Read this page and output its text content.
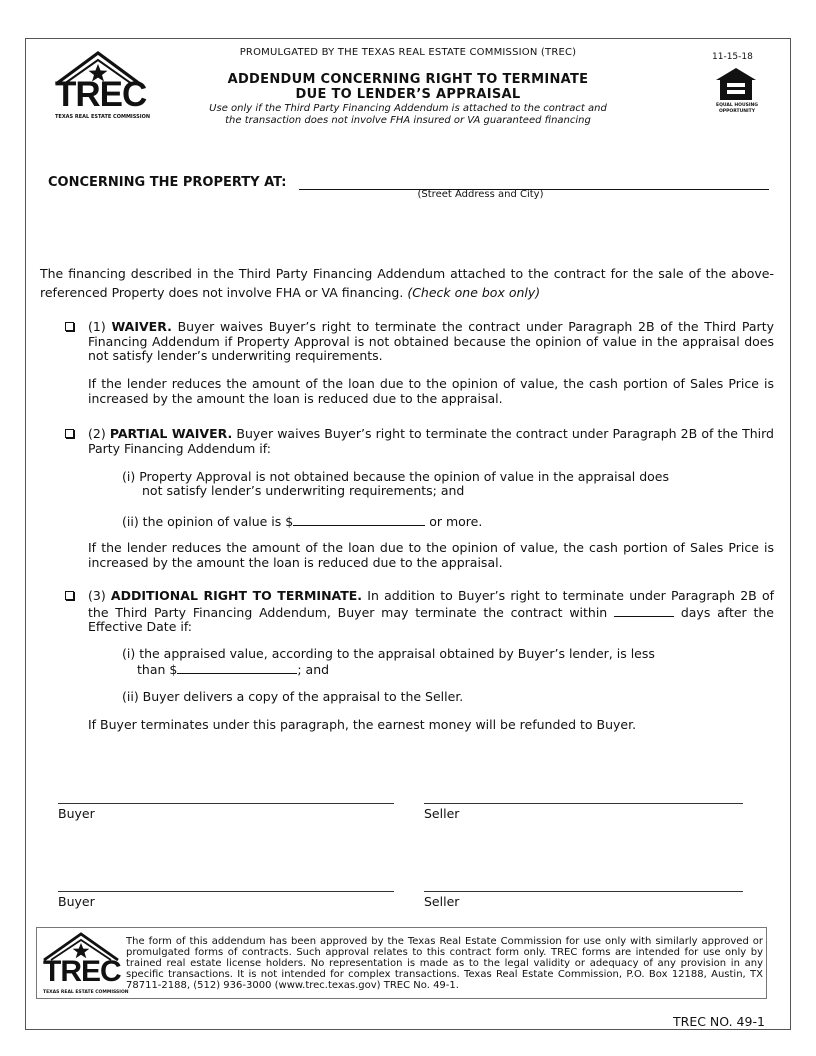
TREC
TEXAS REAL ESTATE COMMISSION
PROMULGATED BY THE TEXAS REAL ESTATE COMMISSION (TREC)	11-15-18
ADDENDUM CONCERNING RIGHT TO TERMINATE
DUE TO LENDER’S APPRAISAL
Use only if the Third Party Financing Addendum is attached to the contract and
the transaction does not involve FHA insured or VA guaranteed financing
EQUAL HOUSING
OPPORTUNITY
CONCERNING THE PROPERTY AT:
(Street Address and City)
The financing described in the Third Party Financing Addendum attached to the contract for the sale of the above-referenced Property does not involve FHA or VA financing. (Check one box only)
(1) WAIVER. Buyer waives Buyer’s right to terminate the contract under Paragraph 2B of the Third Party Financing Addendum if Property Approval is not obtained because the opinion of value in the appraisal does not satisfy lender’s underwriting requirements.
If the lender reduces the amount of the loan due to the opinion of value, the cash portion of Sales Price is increased by the amount the loan is reduced due to the appraisal.
(2) PARTIAL WAIVER. Buyer waives Buyer’s right to terminate the contract under Paragraph 2B of the Third Party Financing Addendum if:
(i) Property Approval is not obtained because the opinion of value in the appraisal does
not satisfy lender’s underwriting requirements; and
(ii) the opinion of value is $	or more.
If the lender reduces the amount of the loan due to the opinion of value, the cash portion of Sales Price is increased by the amount the loan is reduced due to the appraisal.
(3) ADDITIONAL RIGHT TO TERMINATE. In addition to Buyer’s right to terminate under Paragraph 2B of the Third Party Financing Addendum, Buyer may terminate the contract within	days after the Effective Date if:
(i) the appraised value, according to the appraisal obtained by Buyer’s lender, is less
than $	; and
(ii) Buyer delivers a copy of the appraisal to the Seller.
If Buyer terminates under this paragraph, the earnest money will be refunded to Buyer.
Buyer	Seller
Buyer	Seller
TREC
TEXAS REAL ESTATE COMMISSION
The form of this addendum has been approved by the Texas Real Estate Commission for use only with similarly approved or promulgated forms of contracts. Such approval relates to this contract form only. TREC forms are intended for use only by trained real estate license holders. No representation is made as to the legal validity or adequacy of any provision in any specific transactions. It is not intended for complex transactions. Texas Real Estate Commission, P.O. Box 12188, Austin, TX 78711-2188, (512) 936-3000 (www.trec.texas.gov) TREC No. 49-1.
TREC NO. 49-1
